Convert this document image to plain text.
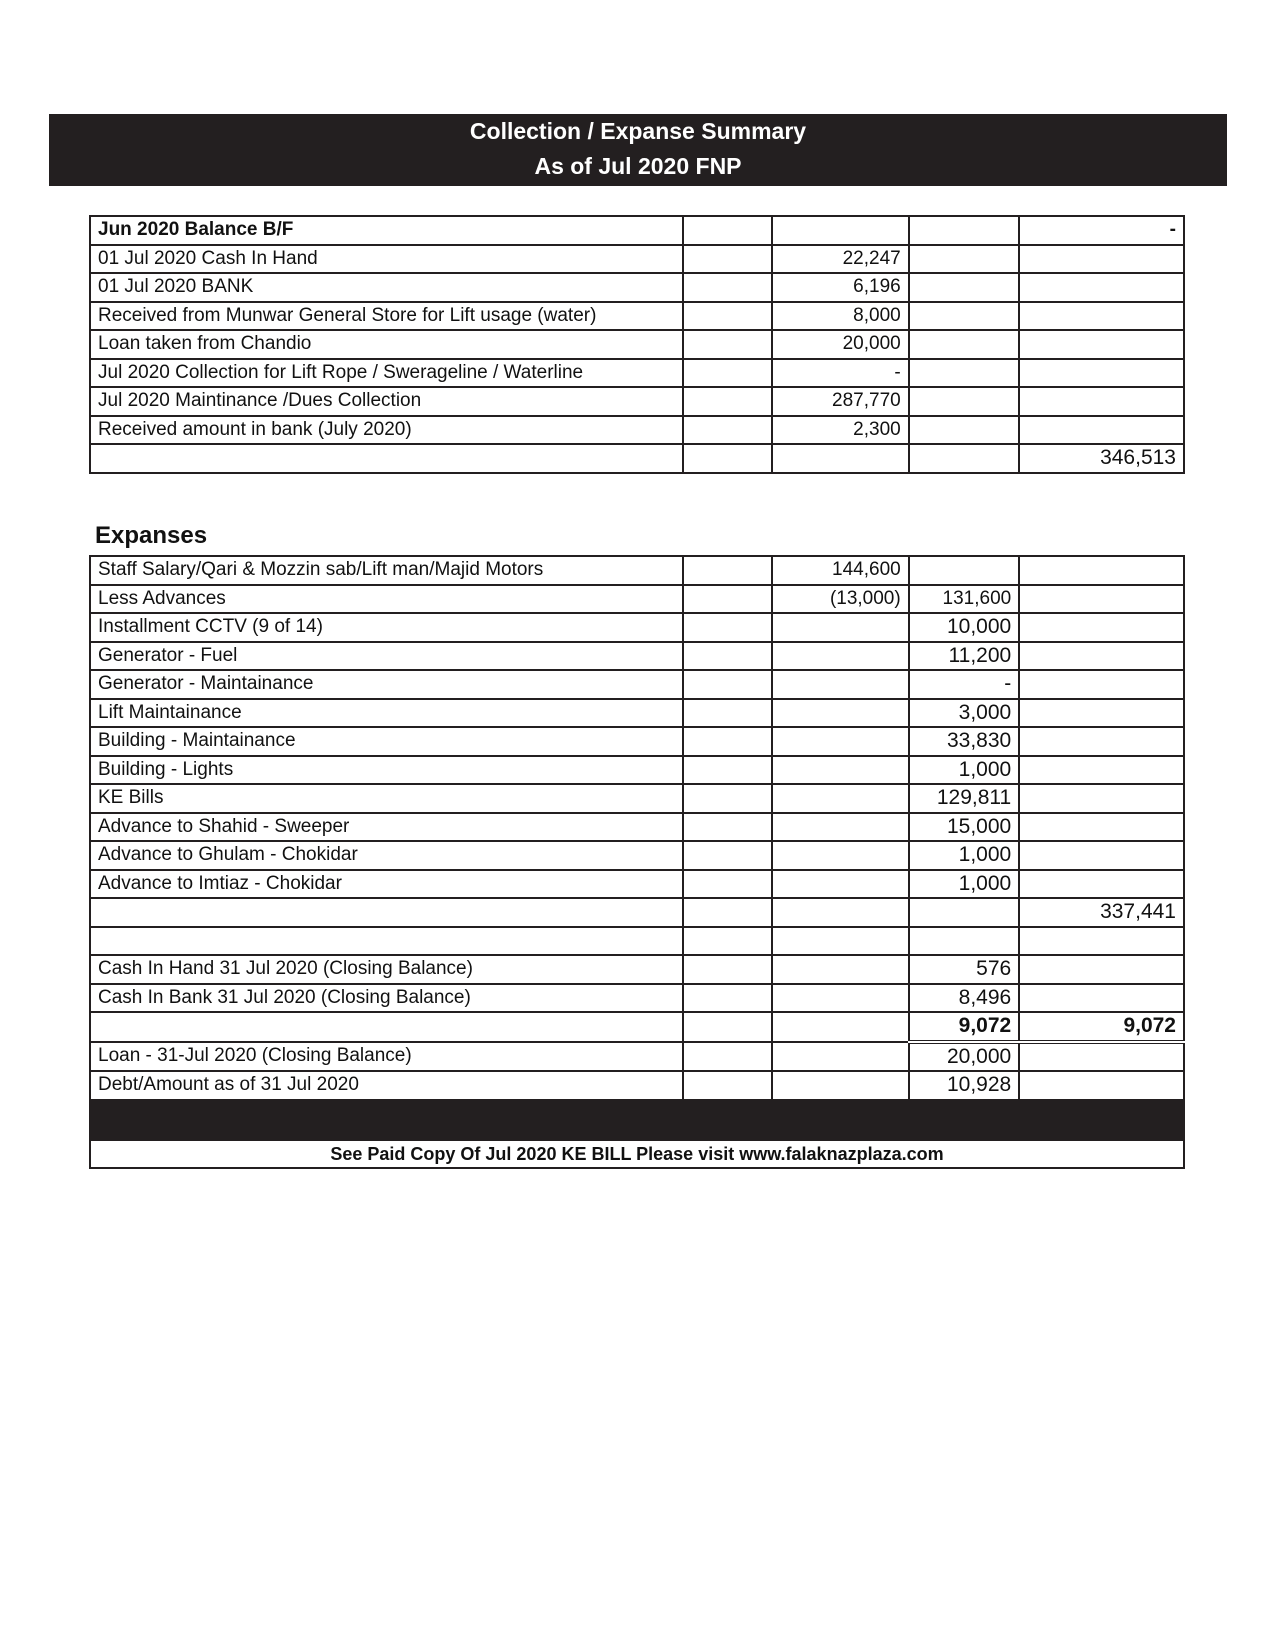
Collection / Expanse Summary
As of Jul 2020 FNP
Jun 2020 Balance B/F				-
01 Jul 2020 Cash In Hand		22,247		
01 Jul 2020 BANK		6,196		
Received from Munwar General Store for Lift usage (water)		8,000		
Loan taken from Chandio		20,000		
Jul 2020 Collection for Lift Rope / Swerageline / Waterline		-		
Jul 2020 Maintinance /Dues Collection		287,770		
Received amount in bank (July 2020)		2,300		
				346,513
Expanses
Staff Salary/Qari & Mozzin sab/Lift man/Majid Motors		144,600		
Less Advances		(13,000)	131,600	
Installment CCTV (9 of 14)			10,000	
Generator - Fuel			11,200	
Generator - Maintainance			-	
Lift Maintainance			3,000	
Building - Maintainance			33,830	
Building - Lights			1,000	
KE Bills			129,811	
Advance to Shahid - Sweeper			15,000	
Advance to Ghulam - Chokidar			1,000	
Advance to Imtiaz - Chokidar			1,000	
				337,441

Cash In Hand 31 Jul 2020 (Closing Balance)			576	
Cash In Bank 31 Jul 2020 (Closing Balance)			8,496	
			9,072	9,072
Loan - 31-Jul 2020 (Closing Balance)			20,000	
Debt/Amount as of 31 Jul 2020			10,928	

See Paid Copy Of Jul 2020 KE BILL Please visit www.falaknazplaza.com				
